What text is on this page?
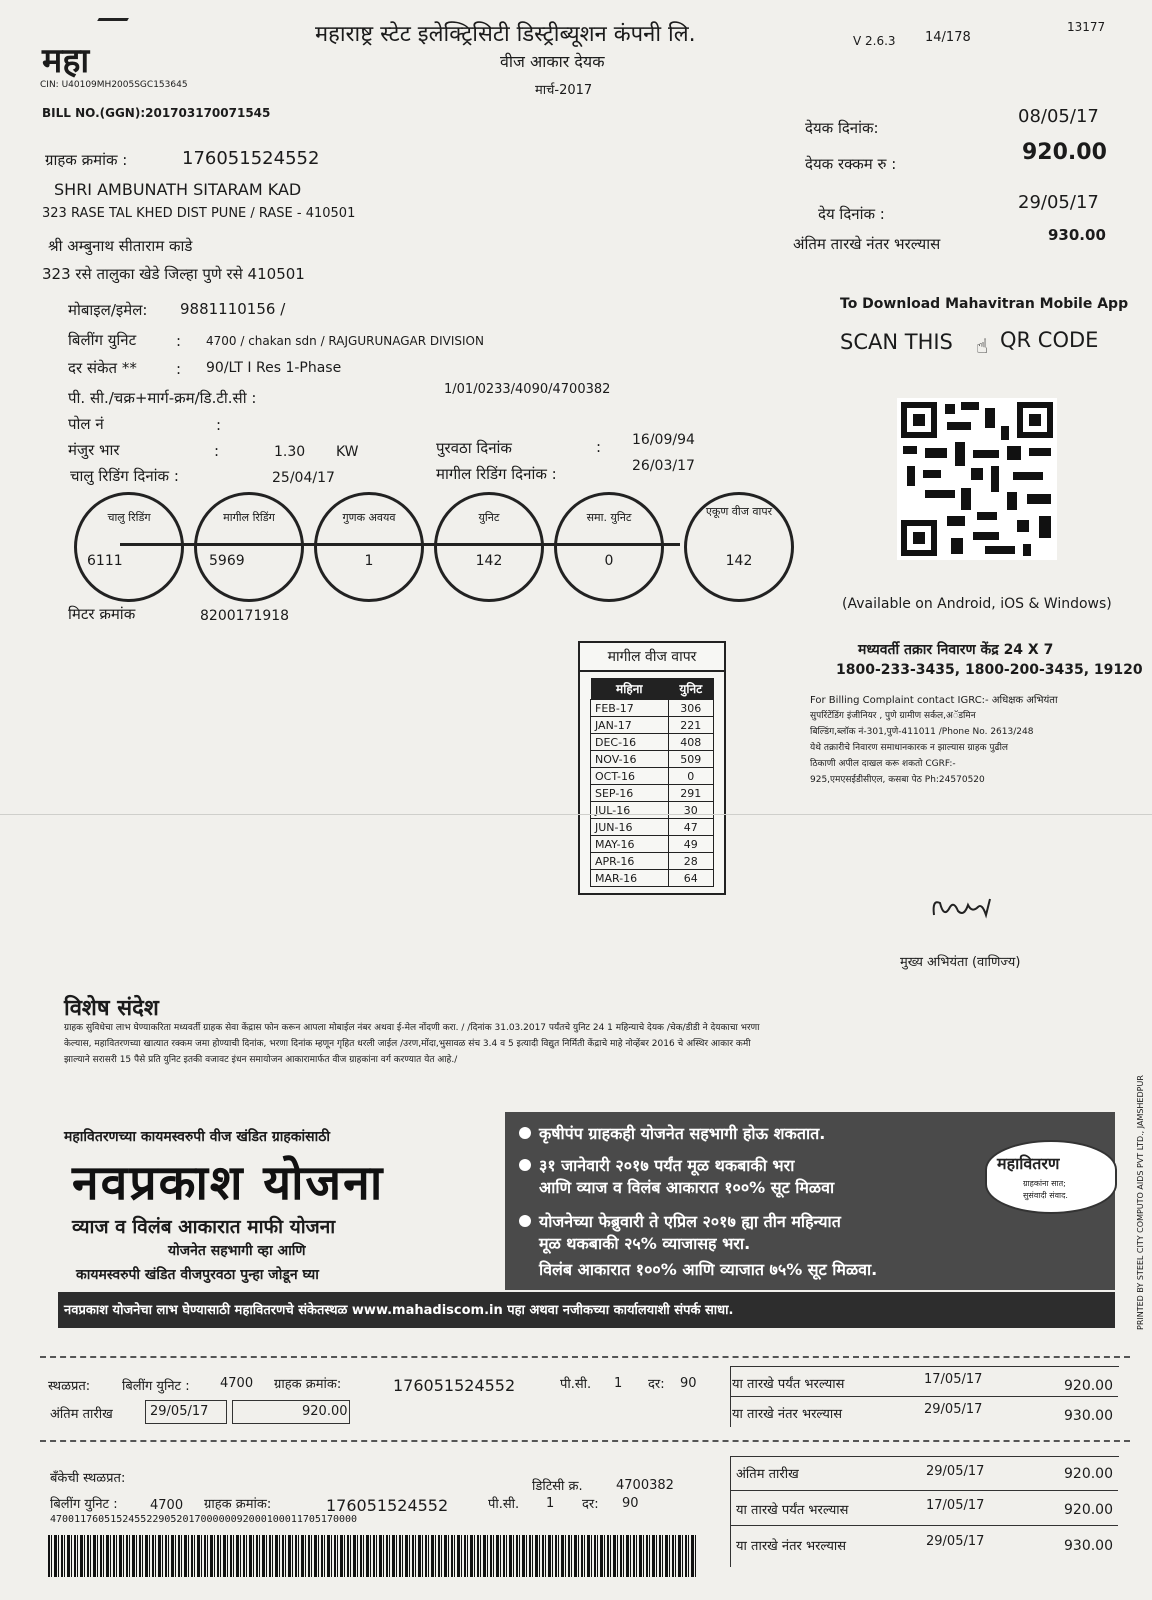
महा
CIN: U40109MH2005SGC153645
BILL NO.(GGN):201703170071545
महाराष्ट्र स्टेट इलेक्ट्रिसिटी डिस्ट्रीब्यूशन कंपनी लि.
वीज आकार देयक
मार्च-2017
V 2.6.3 14/178
13177
ग्राहक क्रमांक :	176051524552
SHRI AMBUNATH SITARAM KAD
323 RASE TAL KHED DIST PUNE / RASE - 410501
श्री अम्बुनाथ सीताराम काडे
323 रसे तालुका खेडे जिल्हा पुणे रसे 410501
मोबाइल/इमेल: 9881110156 /
देयक दिनांक:
08/05/17
देयक रक्कम रु :	920.00
देय दिनांक :
29/05/17
अंतिम तारखे नंतर भरल्यास	930.00
बिलींग युनिट	: 4700 / chakan sdn / RAJGURUNAGAR DIVISION
दर संकेत **	: 90/LT I Res 1-Phase
पी. सी./चक्र+मार्ग-क्रम/डि.टी.सी :	1/01/0233/4090/4700382
पोल नं	:
मंजुर भार	:	1.30 KW	पुरवठा दिनांक	: 16/09/94
चालु रिडिंग दिनांक :	25/04/17	मागील रिडिंग दिनांक :	26/03/17
चालु रिडिंग
6111
मागील रिडिंग
5969
गुणक अवयव
1
युनिट
142
समा. युनिट
0
एकूण वीज वापर
142
मिटर क्रमांक	8200171918
मागील वीज वापर
महिना	युनिट
FEB-17	306
JAN-17	221
DEC-16	408
NOV-16	509
OCT-16	0
SEP-16	291
JUL-16	30
JUN-16	47
MAY-16	49
APR-16	28
MAR-16	64
To Download Mahavitran Mobile App
SCAN THIS ☝ QR CODE
(Available on Android, iOS & Windows)
मध्यवर्ती तक्रार निवारण केंद्र 24 X 7
1800-233-3435, 1800-200-3435, 19120
For Billing Complaint contact IGRC:- अधिक्षक अभियंता
सुपरिंटेंडिंग इंजीनियर , पुणे ग्रामीण सर्कल,अॅडमिन
बिल्डिंग,ब्लॉक नं-301,पुणे-411011 /Phone No. 2613/248
येथे तक्रारीचे निवारण समाधानकारक न झाल्यास ग्राहक पुढील
ठिकाणी अपील दाखल करू शकतो CGRF:-
925,एमएसईडीसीएल, कसबा पेठ Ph:24570520
मुख्य अभियंता (वाणिज्य)
विशेष संदेश
ग्राहक सुविधेचा लाभ घेण्याकरिता मध्यवर्ती ग्राहक सेवा केंद्रास फोन करून आपला मोबाईल नंबर अथवा ई-मेल नोंदणी करा. / /दिनांक 31.03.2017 पर्यंतचे युनिट 24 1 महिन्याचे देयक /चेक/डीडी ने देयकाचा भरणा
केल्यास, महावितरणच्या खात्यात रक्कम जमा होण्याची दिनांक, भरणा दिनांक म्हणून गृहित धरली जाईल /उरण,मोंदा,भुसावळ संच 3.4 व 5 इत्यादी विद्युत निर्मिती केंद्राचे माहे नोव्हेंबर 2016 चे अस्थिर आकार कमी
झाल्याने सरासरी 15 पैसे प्रति युनिट इतकी वजावट इंधन समायोजन आकारामार्फत वीज ग्राहकांना वर्ग करण्यात येत आहे./
महावितरणच्या कायमस्वरुपी वीज खंडित ग्राहकांसाठी
नवप्रकाश योजना
व्याज व विलंब आकारात माफी योजना
योजनेत सहभागी व्हा आणि
कायमस्वरुपी खंडित वीजपुरवठा पुन्हा जोडून घ्या
कृषीपंप ग्राहकही योजनेत सहभागी होऊ शकतात.
३१ जानेवारी २०१७ पर्यंत मूळ थकबाकी भरा
आणि व्याज व विलंब आकारात १००% सूट मिळवा
योजनेच्या फेब्रुवारी ते एप्रिल २०१७ ह्या तीन महिन्यात
मूळ थकबाकी २५% व्याजासह भरा.
विलंब आकारात १००% आणि व्याजात ७५% सूट मिळवा.
महावितरण
ग्राहकांना सात;
सुसंवादी संवाद.
नवप्रकाश योजनेचा लाभ घेण्यासाठी महावितरणचे संकेतस्थळ www.mahadiscom.in पहा अथवा नजीकच्या कार्यालयाशी संपर्क साधा.	PRINTED BY STEEL CITY COMPUTO AIDS PVT LTD., JAMSHEDPUR
स्थळप्रत: बिलींग युनिट : 4700 ग्राहक क्रमांक:	176051524552	पी.सी. 1 दर: 90
अंतिम तारीख	29/05/17	920.00
या तारखे पर्यंत भरल्यास	17/05/17	920.00
या तारखे नंतर भरल्यास	29/05/17	930.00
बँकेची स्थळप्रत:
डिटिसी क्र.	4700382
बिलींग युनिट : 4700 ग्राहक क्रमांक:	176051524552	पी.सी. 1 दर: 90
470011760515245522905201700000092000100011705170000
अंतिम तारीख	29/05/17	920.00
या तारखे पर्यंत भरल्यास	17/05/17	920.00
या तारखे नंतर भरल्यास	29/05/17	930.00
